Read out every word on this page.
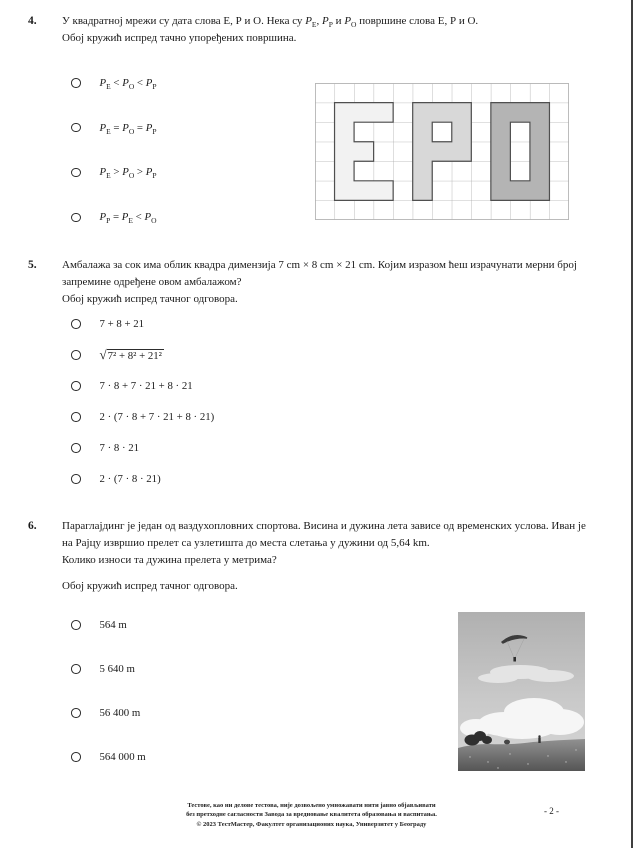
4. У квадратној мрежи су дата слова Е, Р и О. Нека су $P_Е$, $P_Р$ и $P_О$ површине слова Е, Р и О.
Обој кружић испред тачно упоређених површина.
$P_Е < P_О < P_Р$
$P_Е = P_О = P_Р$
$P_Е > P_О > P_Р$
$P_Р = P_Е < P_О$
5. Амбалажа за сок има облик квадра димензија 7 cm × 8 cm × 21 cm. Којим изразом ћеш израчунати мерни број
запремине одређене овом амбалажом?
Обој кружић испред тачног одговора.
7 + 8 + 21
√7² + 8² + 21²
7 · 8 + 7 · 21 + 8 · 21
2 · (7 · 8 + 7 · 21 + 8 · 21)
7 · 8 · 21
2 · (7 · 8 · 21)
6. Параглајдинг је један од ваздухопловних спортова. Висина и дужина лета зависе од временских услова. Иван је
на Рајцу извршио прелет са узлетишта до места слетања у дужини од 5,64 km.
Колико износи та дужина прелета у метрима?
Обој кружић испред тачног одговора.
564 m
5 640 m
56 400 m
564 000 m
Тестове, као ни делове тестова, није дозвољено умножавати нити јавно објављивати
без претходне сагласности Завода за вредновање квалитета образовања и васпитања.
© 2023 ТестМастер, Факултет организационих наука, Универзитет у Београду
- 2 -
